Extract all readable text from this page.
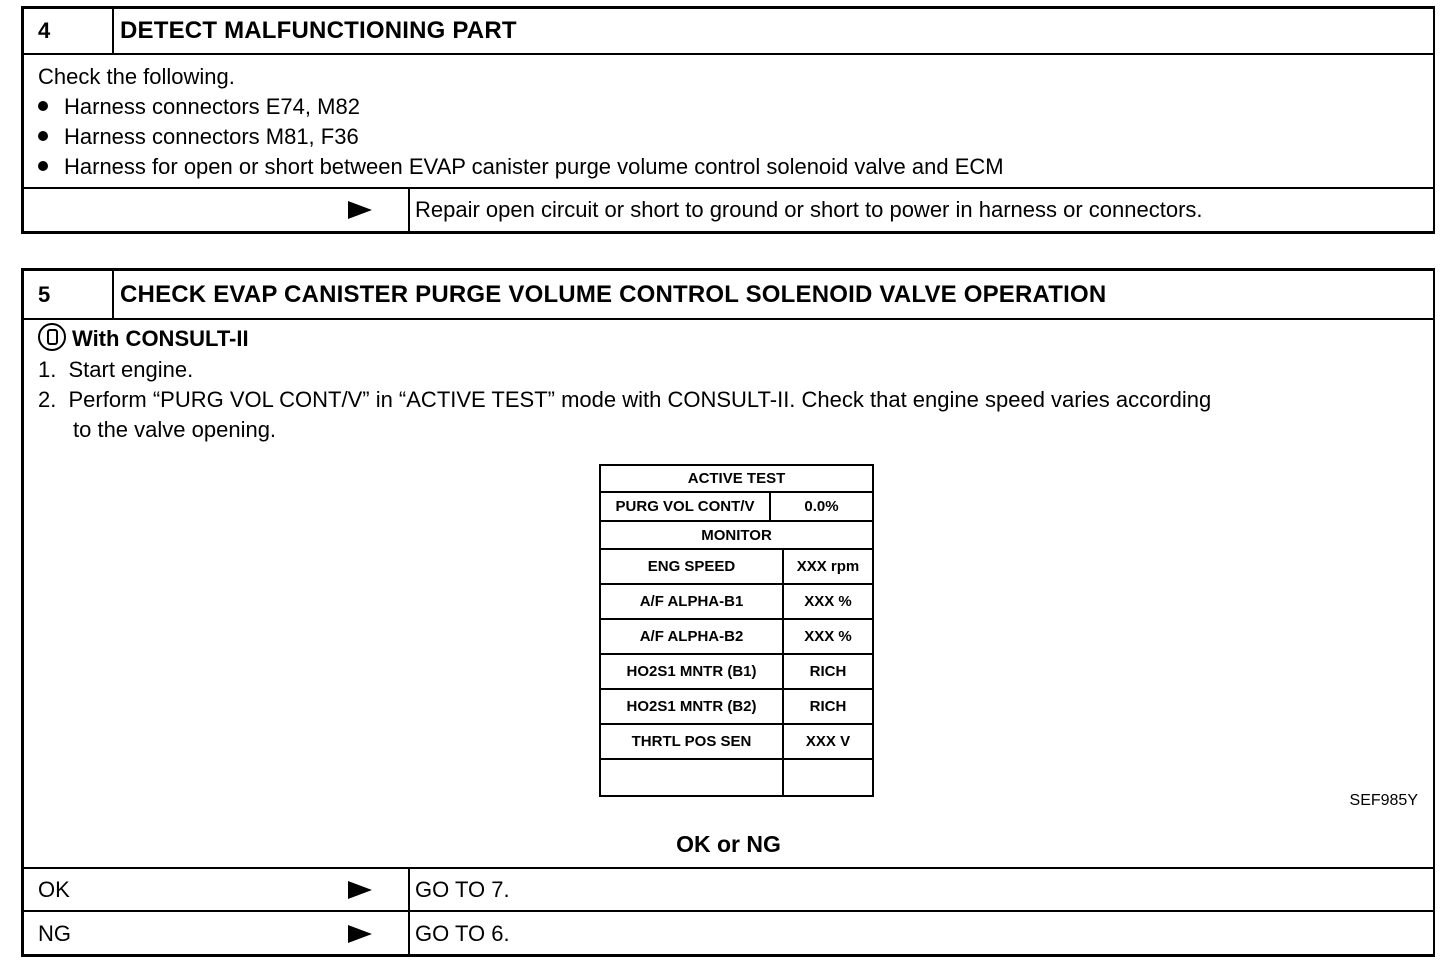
4	DETECT MALFUNCTIONING PART
Check the following.
Harness connectors E74, M82
Harness connectors M81, F36
Harness for open or short between EVAP canister purge volume control solenoid valve and ECM
Repair open circuit or short to ground or short to power in harness or connectors.
5	CHECK EVAP CANISTER PURGE VOLUME CONTROL SOLENOID VALVE OPERATION
With CONSULT-II
1. Start engine.
2. Perform “PURG VOL CONT/V” in “ACTIVE TEST” mode with CONSULT-II. Check that engine speed varies according
to the valve opening.
ACTIVE TEST
PURG VOL CONT/V	0.0%
MONITOR
ENG SPEED	XXX rpm
A/F ALPHA-B1	XXX %
A/F ALPHA-B2	XXX %
HO2S1 MNTR (B1)	RICH
HO2S1 MNTR (B2)	RICH
THRTL POS SEN	XXX V
SEF985Y
OK or NG
OK	GO TO 7.
NG	GO TO 6.
